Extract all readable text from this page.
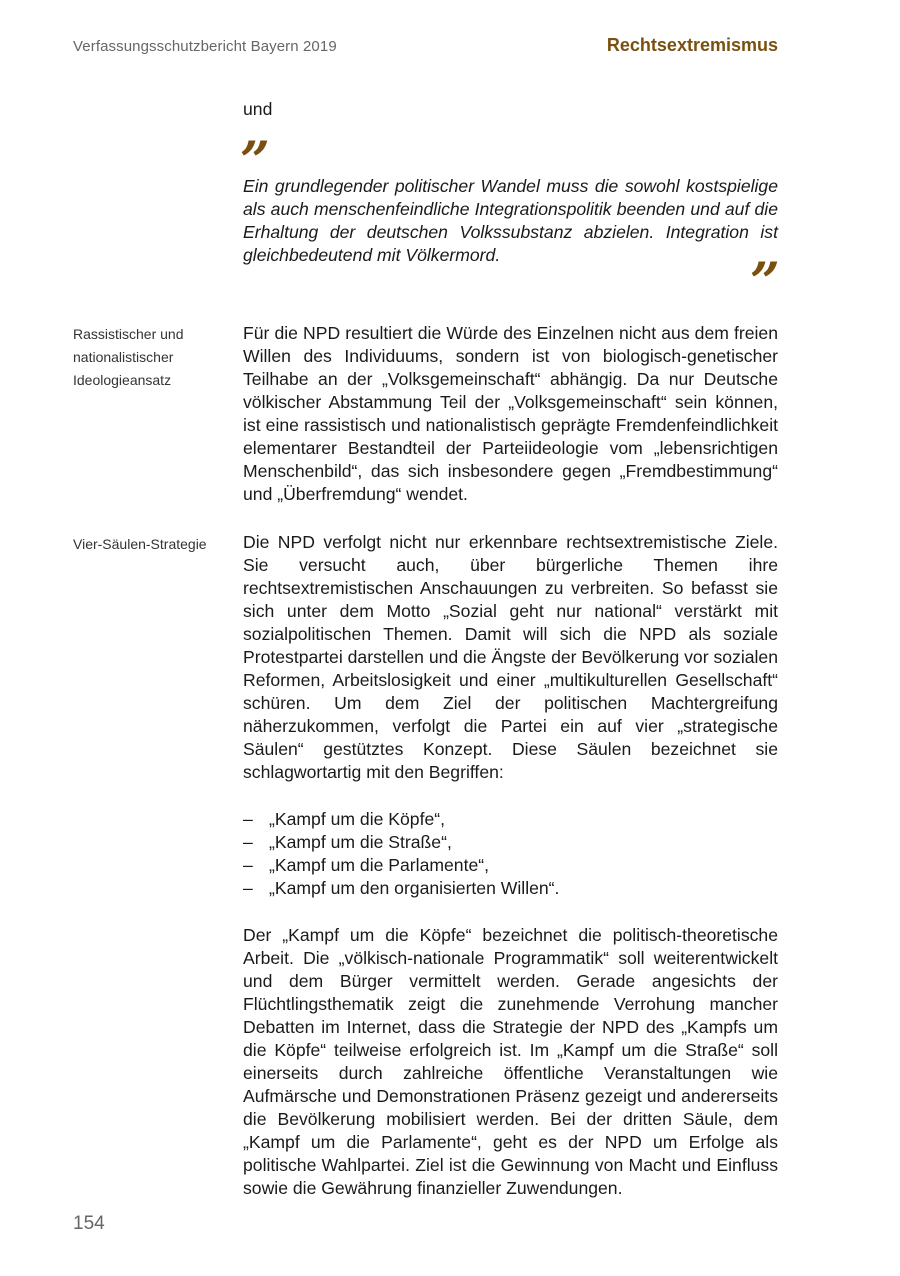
Verfassungsschutzbericht Bayern 2019	Rechtsextremismus

und

”
Ein grundlegender politischer Wandel muss die sowohl kostspielige als auch menschenfeindliche Integrationspolitik beenden und auf die Erhaltung der deutschen Volkssubstanz abzielen. Integration ist gleichbedeutend mit Völkermord.	”
Rassistischer und nationalistischer Ideologieansatz

Für die NPD resultiert die Würde des Einzelnen nicht aus dem freien Willen des Individuums, sondern ist von biologisch-genetischer Teilhabe an der „Volksgemeinschaft“ abhängig. Da nur Deutsche völkischer Abstammung Teil der „Volksgemeinschaft“ sein können, ist eine rassistisch und nationalistisch geprägte Fremdenfeindlichkeit elementarer Bestandteil der Parteiideologie vom „lebensrichtigen Menschenbild“, das sich insbesondere gegen „Fremdbestimmung“ und „Überfremdung“ wendet.

Vier-Säulen-Strategie	Die NPD verfolgt nicht nur erkennbare rechtsextremistische Ziele. Sie versucht auch, über bürgerliche Themen ihre rechtsextremistischen Anschauungen zu verbreiten. So befasst sie sich unter dem Motto „Sozial geht nur national“ verstärkt mit sozialpolitischen Themen. Damit will sich die NPD als soziale Protestpartei darstellen und die Ängste der Bevölkerung vor sozialen Reformen, Arbeitslosigkeit und einer „multikulturellen Gesellschaft“ schüren. Um dem Ziel der politischen Machtergreifung näherzukommen, verfolgt die Partei ein auf vier „strategische Säulen“ gestütztes Konzept. Diese Säulen bezeichnet sie schlagwortartig mit den Begriffen:

– „Kampf um die Köpfe“,
– „Kampf um die Straße“,
– „Kampf um die Parlamente“,
– „Kampf um den organisierten Willen“.

Der „Kampf um die Köpfe“ bezeichnet die politisch-theoretische Arbeit. Die „völkisch-nationale Programmatik“ soll weiterentwickelt und dem Bürger vermittelt werden. Gerade angesichts der Flüchtlingsthematik zeigt die zunehmende Verrohung mancher Debatten im Internet, dass die Strategie der NPD des „Kampfs um die Köpfe“ teilweise erfolgreich ist. Im „Kampf um die Straße“ soll einerseits durch zahlreiche öffentliche Veranstaltungen wie Aufmärsche und Demonstrationen Präsenz gezeigt und andererseits die Bevölkerung mobilisiert werden. Bei der dritten Säule, dem „Kampf um die Parlamente“, geht es der NPD um Erfolge als politische Wahlpartei. Ziel ist die Gewinnung von Macht und Einfluss sowie die Gewährung finanzieller Zuwendungen.

154
